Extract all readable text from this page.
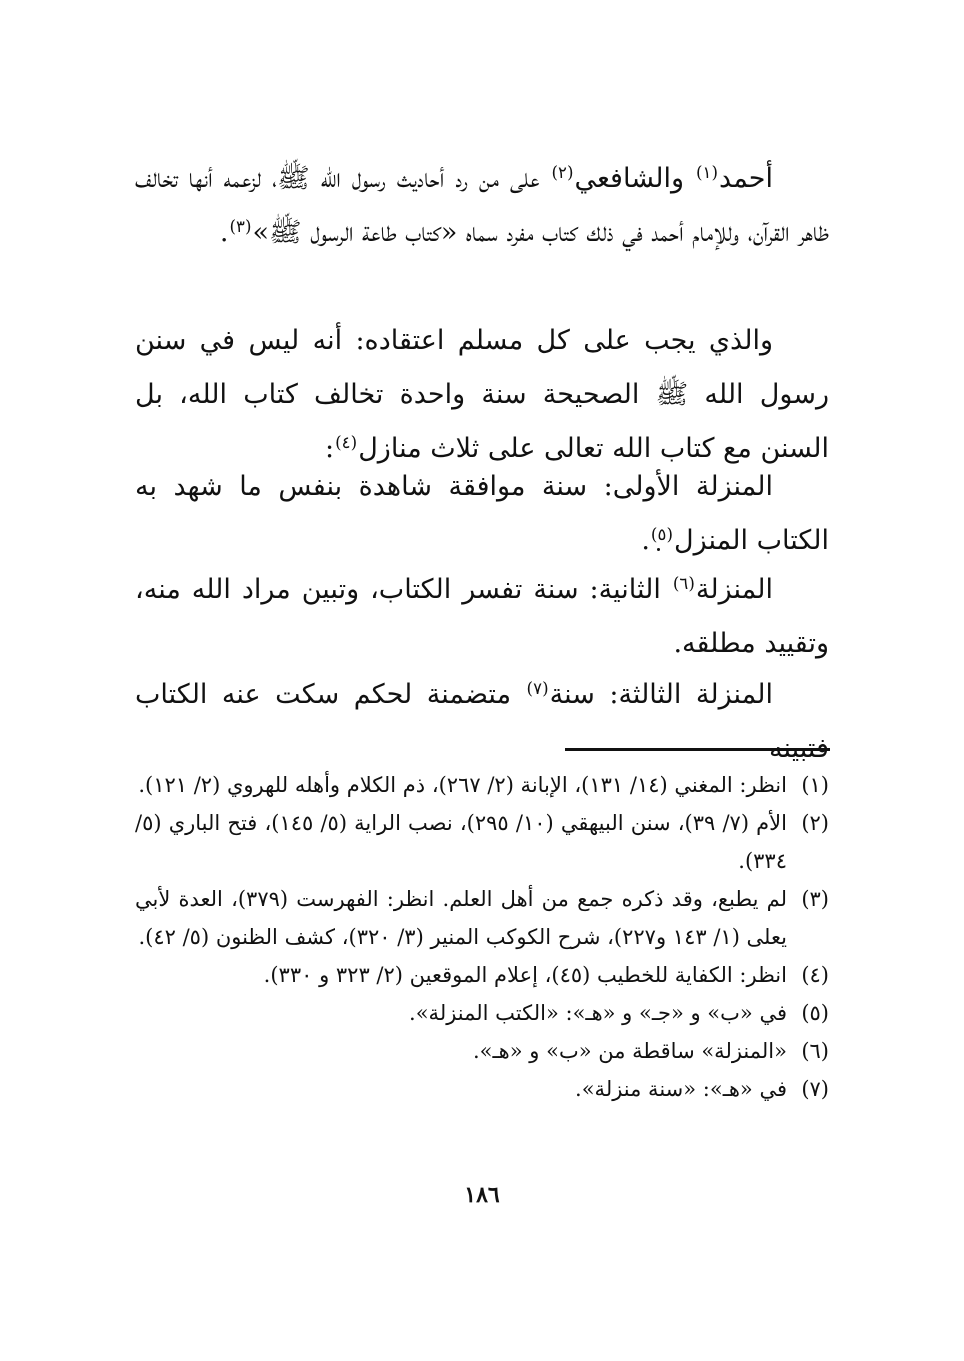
أحمد$^{(١)}$ والشافعي$^{(٢)}$ على من رد أحاديث رسول الله ﷺ، لزعمه أنها تخالف ظاهر القرآن، وللإمام أحمد في ذلك كتاب مفرد سماه «كتاب طاعة الرسول ﷺ»$^{(٣)}$.

والذي يجب على كل مسلم اعتقاده: أنه ليس في سنن رسول الله ﷺ الصحيحة سنة واحدة تخالف كتاب الله، بل السنن مع كتاب الله تعالى على ثلاث منازل$^{(٤)}$:

المنزلة الأولى: سنة موافقة شاهدة بنفس ما شهد به الكتاب المنزل$^{(٥)}$.

المنزلة$^{(٦)}$ الثانية: سنة تفسر الكتاب، وتبين مراد الله منه، وتقييد مطلقه.

المنزلة الثالثة: سنة$^{(٧)}$ متضمنة لحكم سكت عنه الكتاب فتبينه

(١)
انظر: المغني (١٤/ ١٣١)، الإبانة (٢/ ٢٦٧)، ذم الكلام وأهله للهروي (٢/ ١٢١).
(٢)
الأم (٧/ ٣٩)، سنن البيهقي (١٠/ ٢٩٥)، نصب الراية (٥/ ١٤٥)، فتح الباري (٥/ ٣٣٤).
(٣)
لم يطبع، وقد ذكره جمع من أهل العلم. انظر: الفهرست (٣٧٩)، العدة لأبي يعلى (١/ ١٤٣ و٢٢٧)، شرح الكوكب المنير (٣/ ٣٢٠)، كشف الظنون (٥/ ٤٢).
(٤)
انظر: الكفاية للخطيب (٤٥)، إعلام الموقعين (٢/ ٣٢٣ و ٣٣٠).
(٥)
في «ب» و «جـ» و «هـ»: «الكتب المنزلة».
(٦)
«المنزلة» ساقطة من «ب» و «هـ».
(٧)
في «هـ»: «سنة منزلة».
١٨٦
